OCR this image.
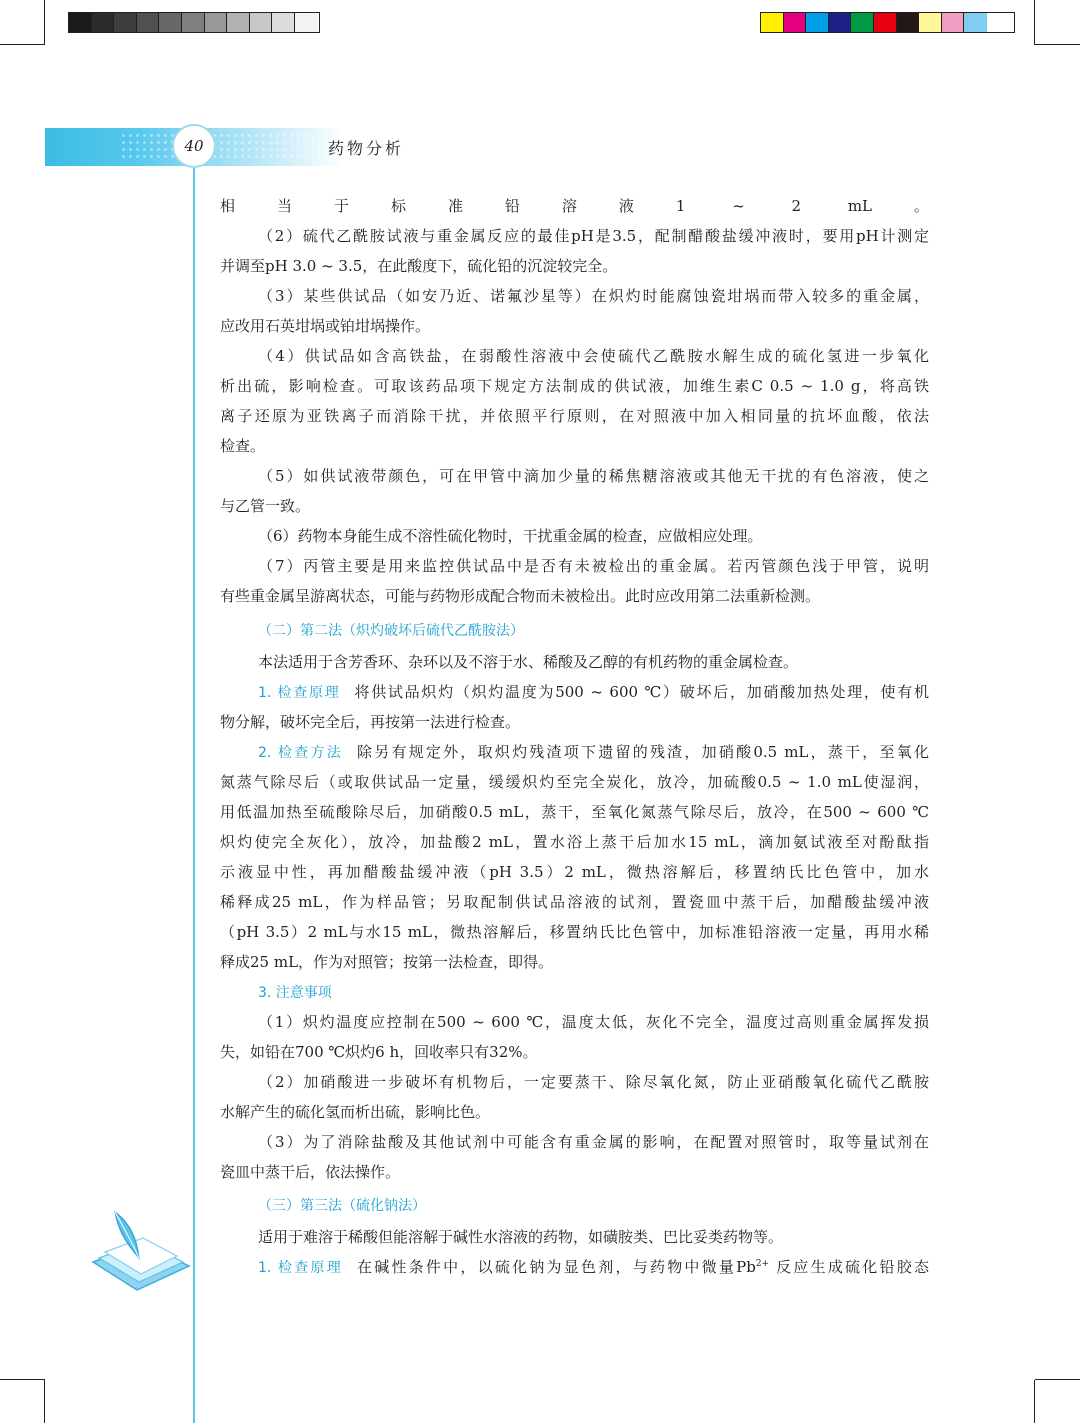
40	药物分析
相当于标准铅溶液1 ~ 2 mL。
（2）硫代乙酰胺试液与重金属反应的最佳pH是3.5，配制醋酸盐缓冲液时，要用pH计测定
并调至pH 3.0 ~ 3.5，在此酸度下，硫化铅的沉淀较完全。
（3）某些供试品（如安乃近、诺氟沙星等）在炽灼时能腐蚀瓷坩埚而带入较多的重金属，
应改用石英坩埚或铂坩埚操作。
（4）供试品如含高铁盐，在弱酸性溶液中会使硫代乙酰胺水解生成的硫化氢进一步氧化
析出硫，影响检查。可取该药品项下规定方法制成的供试液，加维生素C 0.5 ~ 1.0 g，将高铁
离子还原为亚铁离子而消除干扰，并依照平行原则，在对照液中加入相同量的抗坏血酸，依法
检查。
（5）如供试液带颜色，可在甲管中滴加少量的稀焦糖溶液或其他无干扰的有色溶液，使之
与乙管一致。
（6）药物本身能生成不溶性硫化物时，干扰重金属的检查，应做相应处理。
（7）丙管主要是用来监控供试品中是否有未被检出的重金属。若丙管颜色浅于甲管，说明
有些重金属呈游离状态，可能与药物形成配合物而未被检出。此时应改用第二法重新检测。
（二）第二法（炽灼破坏后硫代乙酰胺法）
本法适用于含芳香环、杂环以及不溶于水、稀酸及乙醇的有机药物的重金属检查。
1. 检查原理 将供试品炽灼（炽灼温度为500 ~ 600 ℃）破坏后，加硝酸加热处理，使有机
物分解，破坏完全后，再按第一法进行检查。
2. 检查方法 除另有规定外，取炽灼残渣项下遗留的残渣，加硝酸0.5 mL，蒸干，至氧化
氮蒸气除尽后（或取供试品一定量，缓缓炽灼至完全炭化，放冷，加硫酸0.5 ~ 1.0 mL使湿润，
用低温加热至硫酸除尽后，加硝酸0.5 mL，蒸干，至氧化氮蒸气除尽后，放冷，在500 ~ 600 ℃
炽灼使完全灰化），放冷，加盐酸2 mL，置水浴上蒸干后加水15 mL，滴加氨试液至对酚酞指
示液显中性，再加醋酸盐缓冲液（pH 3.5）2 mL，微热溶解后，移置纳氏比色管中，加水
稀释成25 mL，作为样品管；另取配制供试品溶液的试剂，置瓷皿中蒸干后，加醋酸盐缓冲液
（pH 3.5）2 mL与水15 mL，微热溶解后，移置纳氏比色管中，加标准铅溶液一定量，再用水稀
释成25 mL，作为对照管；按第一法检查，即得。
3. 注意事项
（1）炽灼温度应控制在500 ~ 600 ℃，温度太低，灰化不完全，温度过高则重金属挥发损
失，如铅在700 ℃炽灼6 h，回收率只有32%。
（2）加硝酸进一步破坏有机物后，一定要蒸干、除尽氧化氮，防止亚硝酸氧化硫代乙酰胺
水解产生的硫化氢而析出硫，影响比色。
（3）为了消除盐酸及其他试剂中可能含有重金属的影响，在配置对照管时，取等量试剂在
瓷皿中蒸干后，依法操作。
（三）第三法（硫化钠法）
适用于难溶于稀酸但能溶解于碱性水溶液的药物，如磺胺类、巴比妥类药物等。
1. 检查原理 在碱性条件中，以硫化钠为显色剂，与药物中微量$Pb^{2+}$ 反应生成硫化铅胶态
